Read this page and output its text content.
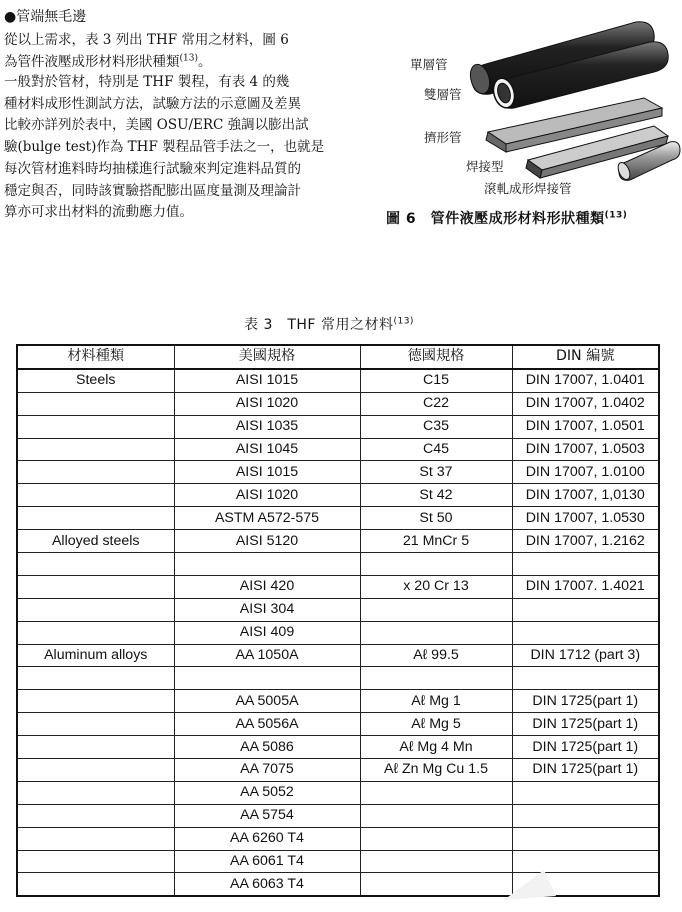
●管端無毛邊
從以上需求，表 3 列出 THF 常用之材料，圖 6
為管件液壓成形材料形狀種類$^{(13)}$。
一般對於管材，特別是 THF 製程，有表 4 的幾
種材料成形性測試方法，試驗方法的示意圖及差異
比較亦詳列於表中，美國 OSU/ERC 強調以膨出試
驗(bulge test)作為 THF 製程品管手法之一，也就是
每次管材進料時均抽樣進行試驗來判定進料品質的
穩定與否，同時該實驗搭配膨出區度量測及理論計
算亦可求出材料的流動應力值。
單層管
雙層管
擠形管
焊接型
滾軋成形焊接管
圖 6　管件液壓成形材料形狀種類$^{(13)}$
表 3　THF 常用之材料$^{(13)}$
材料種類	美國規格	德國規格	DIN 編號
Steels	AISI 1015	C15	DIN 17007, 1.0401
	AISI 1020	C22	DIN 17007, 1.0402
	AISI 1035	C35	DIN 17007, 1.0501
	AISI 1045	C45	DIN 17007, 1.0503
	AISI 1015	St 37	DIN 17007, 1.0100
	AISI 1020	St 42	DIN 17007, 1,0130
	ASTM A572-575	St 50	DIN 17007, 1.0530
Alloyed steels	AISI 5120	21 MnCr 5	DIN 17007, 1.2162

	AISI 420	x 20 Cr 13	DIN 17007. 1.4021
	AISI 304		
	AISI 409		
Aluminum alloys	AA 1050A	Aℓ 99.5	DIN 1712 (part 3)

	AA 5005A	Aℓ Mg 1	DIN 1725(part 1)
	AA 5056A	Aℓ Mg 5	DIN 1725(part 1)
	AA 5086	Aℓ Mg 4 Mn	DIN 1725(part 1)
	AA 7075	Aℓ Zn Mg Cu 1.5	DIN 1725(part 1)
	AA 5052		
	AA 5754		
	AA 6260 T4		
	AA 6061 T4		
	AA 6063 T4		
